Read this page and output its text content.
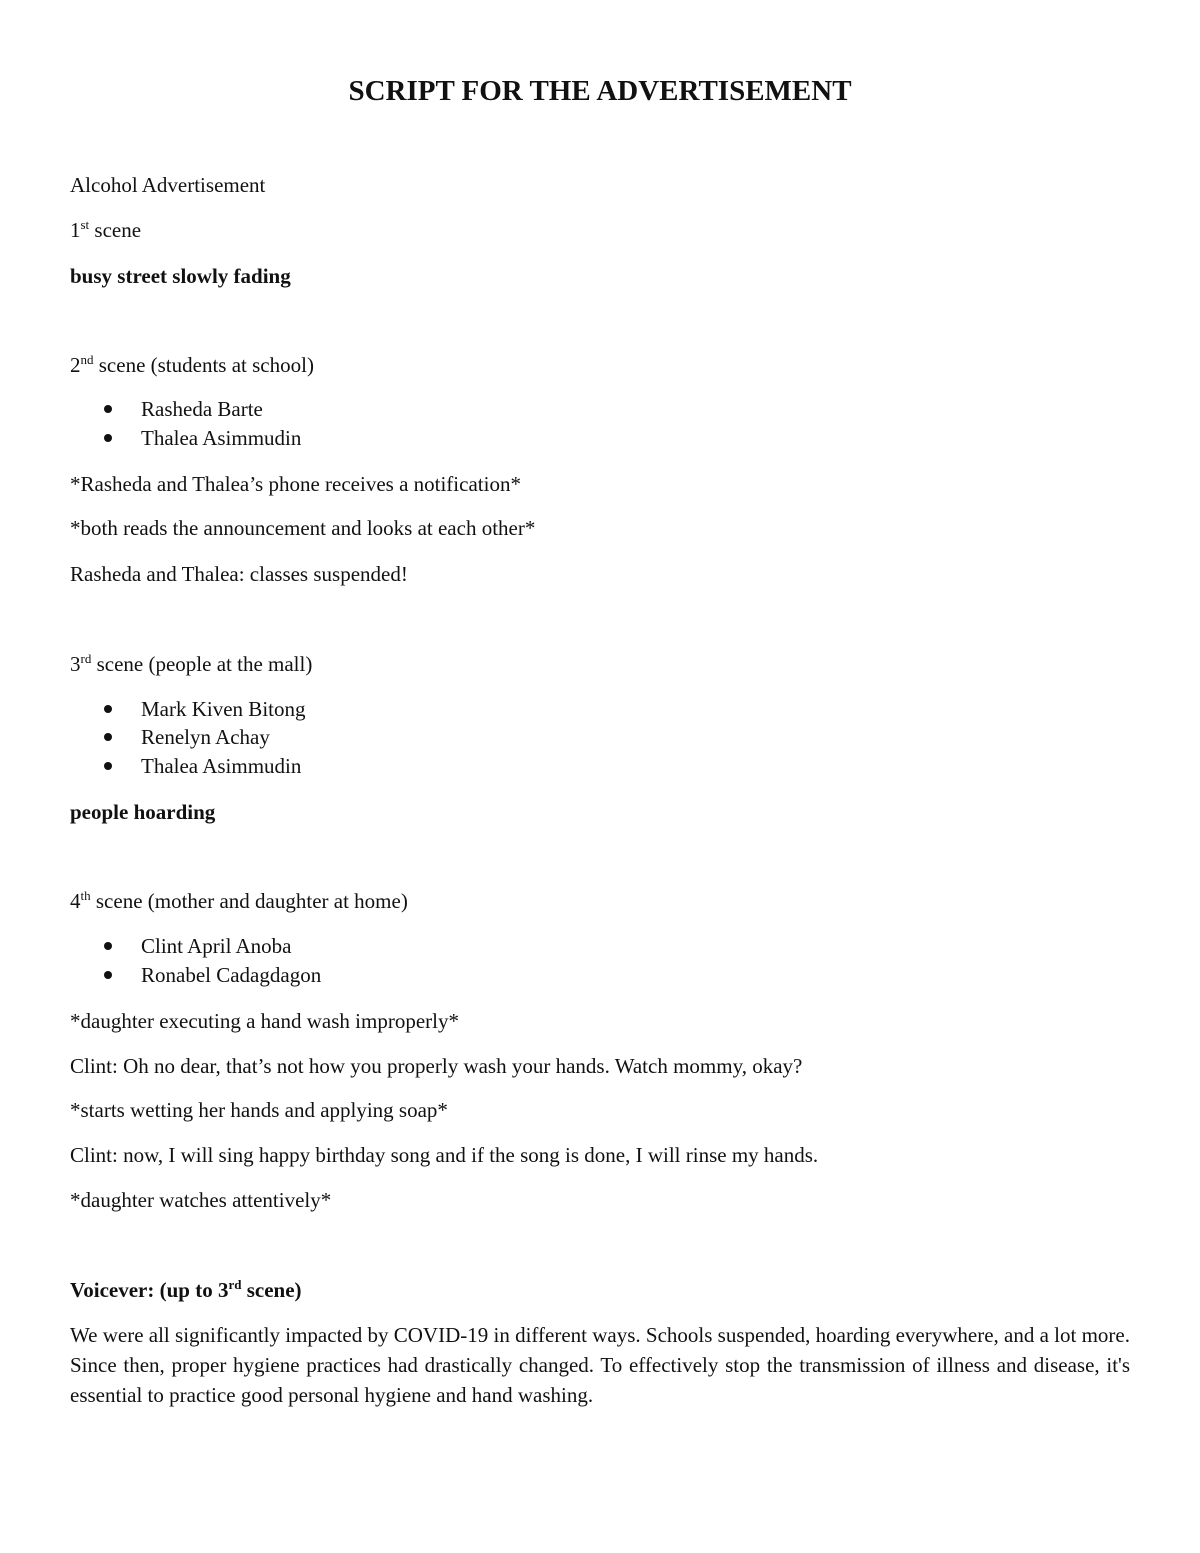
SCRIPT FOR THE ADVERTISEMENT
Alcohol Advertisement
1st scene
busy street slowly fading
2nd scene (students at school)
Rasheda Barte
Thalea Asimmudin
*Rasheda and Thalea’s phone receives a notification*
*both reads the announcement and looks at each other*
Rasheda and Thalea: classes suspended!
3rd scene (people at the mall)
Mark Kiven Bitong
Renelyn Achay
Thalea Asimmudin
people hoarding
4th scene (mother and daughter at home)
Clint April Anoba
Ronabel Cadagdagon
*daughter executing a hand wash improperly*
Clint: Oh no dear, that’s not how you properly wash your hands. Watch mommy, okay?
*starts wetting her hands and applying soap*
Clint: now, I will sing happy birthday song and if the song is done, I will rinse my hands.
*daughter watches attentively*
Voicever: (up to 3rd scene)
We were all significantly impacted by COVID-19 in different ways. Schools suspended, hoarding everywhere, and a lot more. Since then, proper hygiene practices had drastically changed. To effectively stop the transmission of illness and disease, it's essential to practice good personal hygiene and hand washing.
